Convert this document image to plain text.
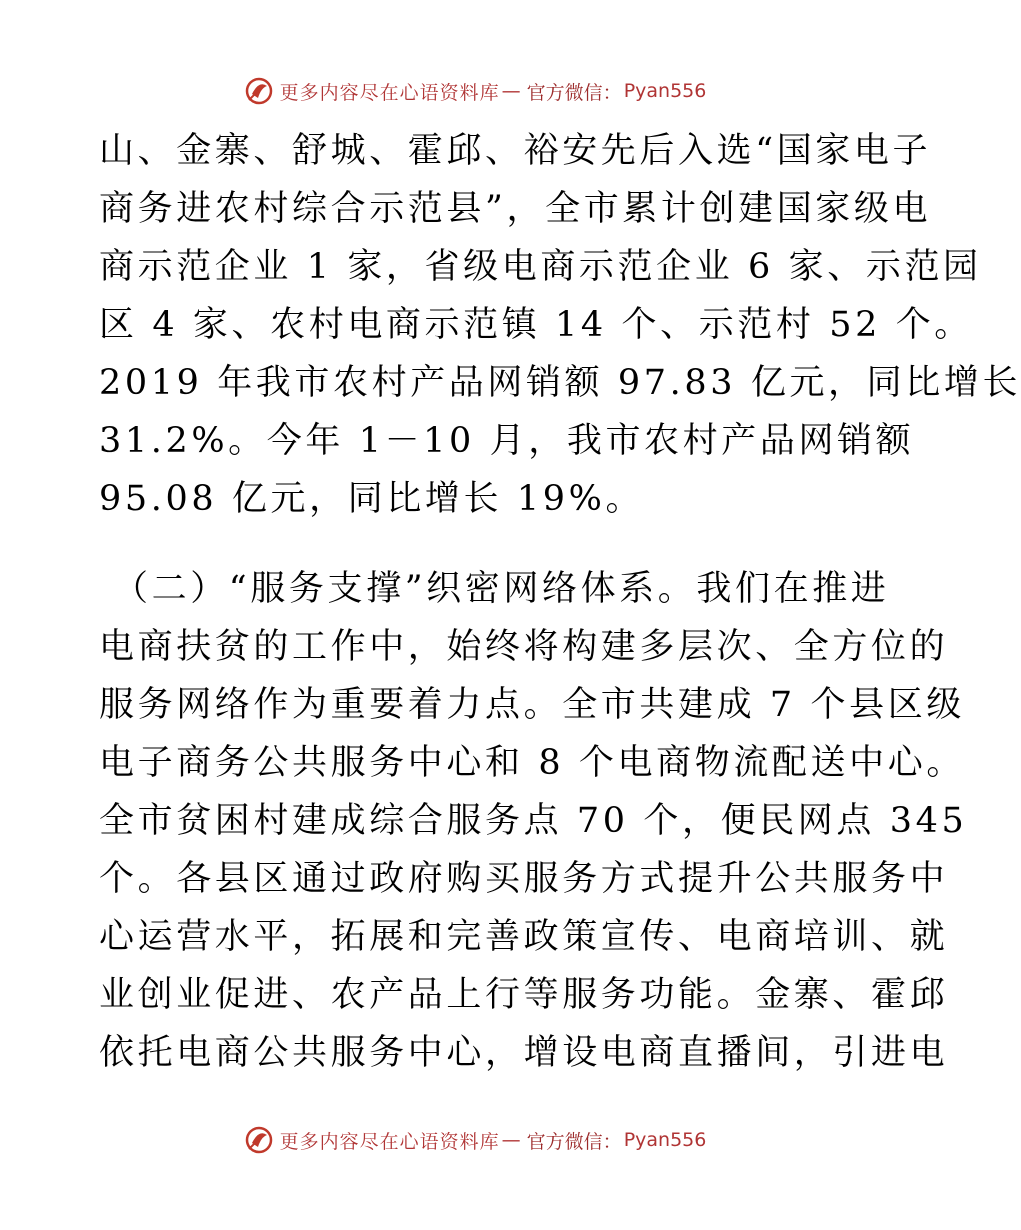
更多内容尽在心语资料库 — 官方微信： Pyan556
山、金寨、舒城、霍邱、裕安先后入选“国家电子
商务进农村综合示范县”，全市累计创建国家级电
商示范企业 1 家，省级电商示范企业 6 家、示范园
区 4 家、农村电商示范镇 14 个、示范村 52 个。
2019 年我市农村产品网销额 97.83 亿元，同比增长
31.2%。今年 1－10 月，我市农村产品网销额
95.08 亿元，同比增长 19%。
（二）“服务支撑”织密网络体系。我们在推进
电商扶贫的工作中，始终将构建多层次、全方位的
服务网络作为重要着力点。全市共建成 7 个县区级
电子商务公共服务中心和 8 个电商物流配送中心。
全市贫困村建成综合服务点 70 个，便民网点 345
个。各县区通过政府购买服务方式提升公共服务中
心运营水平，拓展和完善政策宣传、电商培训、就
业创业促进、农产品上行等服务功能。金寨、霍邱
依托电商公共服务中心，增设电商直播间，引进电
更多内容尽在心语资料库 — 官方微信： Pyan556
